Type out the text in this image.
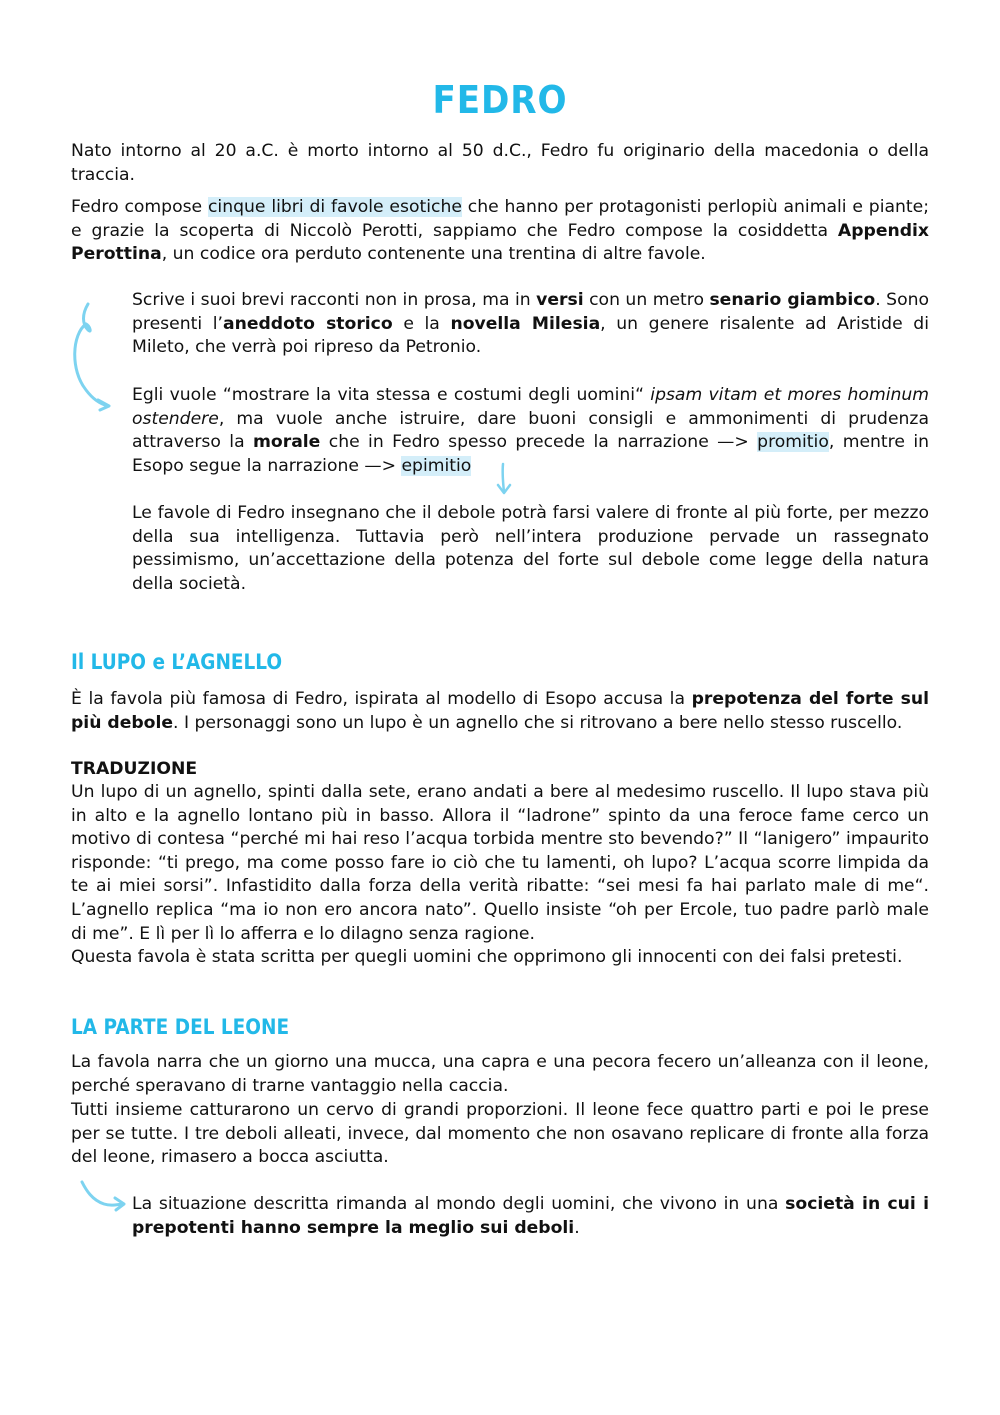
FEDRO

Nato intorno al 20 a.C. è morto intorno al 50 d.C., Fedro fu originario della macedonia o della traccia.

Fedro compose cinque libri di favole esotiche che hanno per protagonisti perlopiù animali e piante; e grazie la scoperta di Niccolò Perotti, sappiamo che Fedro compose la cosiddetta Appendix Perottina, un codice ora perduto contenente una trentina di altre favole.

Scrive i suoi brevi racconti non in prosa, ma in versi con un metro senario giambico. Sono presenti l’aneddoto storico e la novella Milesia, un genere risalente ad Aristide di Mileto, che verrà poi ripreso da Petronio.

Egli vuole “mostrare la vita stessa e costumi degli uomini“ ipsam vitam et mores hominum ostendere, ma vuole anche istruire, dare buoni consigli e ammonimenti di prudenza attraverso la morale che in Fedro spesso precede la narrazione —> promitio, mentre in Esopo segue la narrazione —> epimitio

Le favole di Fedro insegnano che il debole potrà farsi valere di fronte al più forte, per mezzo della sua intelligenza. Tuttavia però nell’intera produzione pervade un rassegnato pessimismo, un’accettazione della potenza del forte sul debole come legge della natura della società.

Il LUPO e L’AGNELLO

È la favola più famosa di Fedro, ispirata al modello di Esopo accusa la prepotenza del forte sul più debole. I personaggi sono un lupo è un agnello che si ritrovano a bere nello stesso ruscello.

TRADUZIONE

Un lupo di un agnello, spinti dalla sete, erano andati a bere al medesimo ruscello. Il lupo stava più in alto e la agnello lontano più in basso. Allora il “ladrone” spinto da una feroce fame cerco un motivo di contesa “perché mi hai reso l’acqua torbida mentre sto bevendo?” Il “lanigero” impaurito risponde: “ti prego, ma come posso fare io ciò che tu lamenti, oh lupo? L’acqua scorre limpida da te ai miei sorsi”. Infastidito dalla forza della verità ribatte: “sei mesi fa hai parlato male di me“. L’agnello replica “ma io non ero ancora nato”. Quello insiste “oh per Ercole, tuo padre parlò male di me”. E lì per lì lo afferra e lo dilagno senza ragione.

Questa favola è stata scritta per quegli uomini che opprimono gli innocenti con dei falsi pretesti.

LA PARTE DEL LEONE

La favola narra che un giorno una mucca, una capra e una pecora fecero un’alleanza con il leone, perché speravano di trarne vantaggio nella caccia.

Tutti insieme catturarono un cervo di grandi proporzioni. Il leone fece quattro parti e poi le prese per se tutte. I tre deboli alleati, invece, dal momento che non osavano replicare di fronte alla forza del leone, rimasero a bocca asciutta.

La situazione descritta rimanda al mondo degli uomini, che vivono in una società in cui i prepotenti hanno sempre la meglio sui deboli.
